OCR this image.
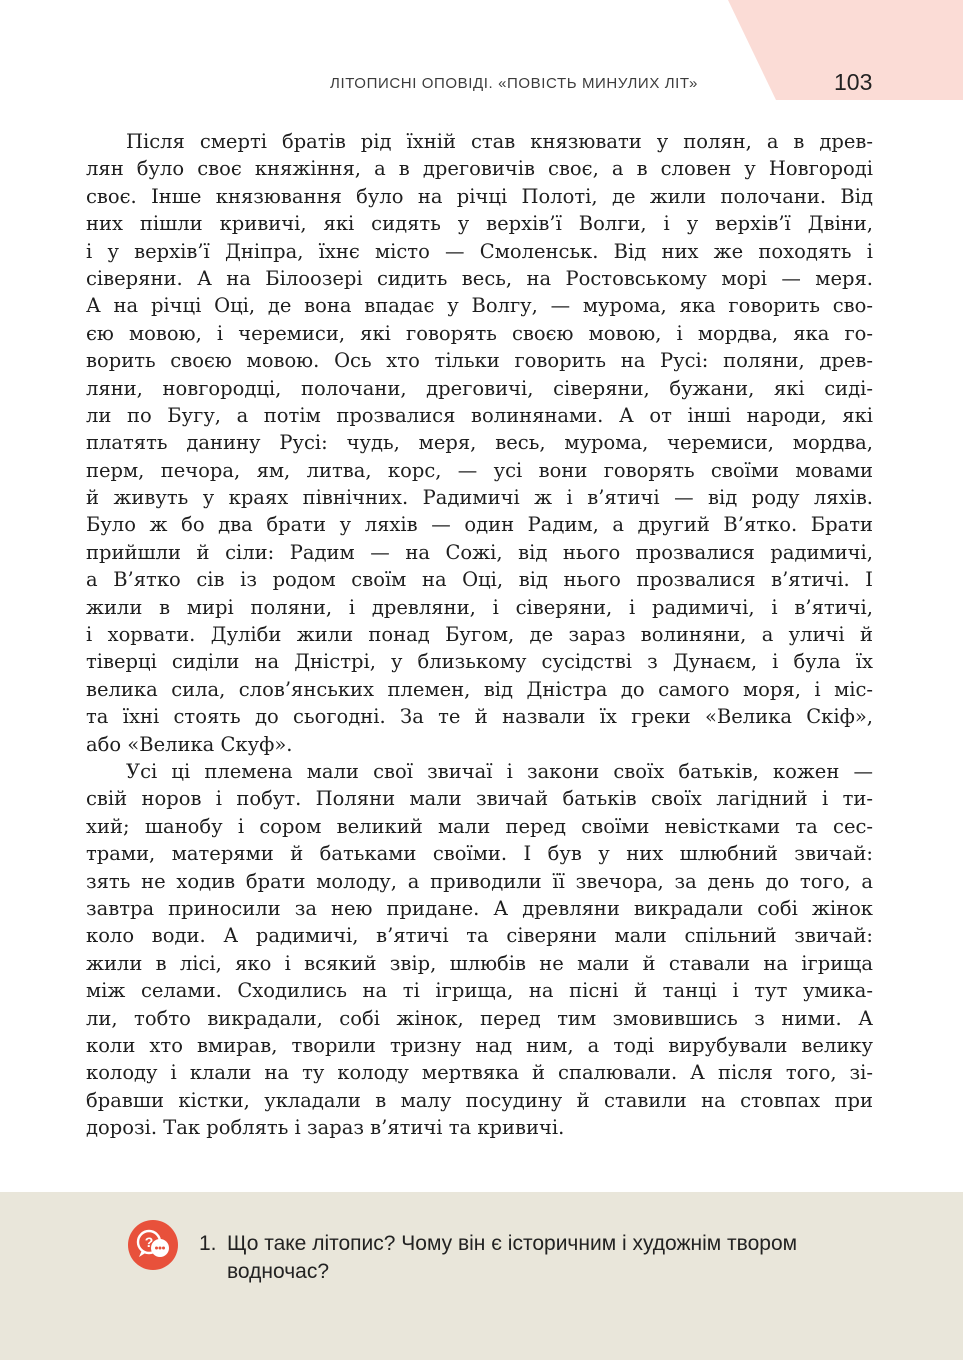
ЛІТОПИСНІ ОПОВІДІ. «ПОВІСТЬ МИНУЛИХ ЛІТ»	103
Після смерті братів рід їхній став князювати у полян, а в древ-
лян було своє княжіння, а в дреговичів своє, а в словен у Новгороді
своє. Інше князювання було на річці Полоті, де жили полочани. Від
них пішли кривичі, які сидять у верхів’ї Волги, і у верхів’ї Двіни,
і у верхів’ї Дніпра, їхнє місто — Смоленськ. Від них же походять і
сіверяни. А на Білоозері сидить весь, на Ростовському морі — меря.
А на річці Оці, де вона впадає у Волгу, — мурома, яка говорить сво-
єю мовою, і черемиси, які говорять своєю мовою, і мордва, яка го-
ворить своєю мовою. Ось хто тільки говорить на Русі: поляни, древ-
ляни, новгородці, полочани, дреговичі, сіверяни, бужани, які сиді-
ли по Бугу, а потім прозвалися волинянами. А от інші народи, які
платять данину Русі: чудь, меря, весь, мурома, черемиси, мордва,
перм, печора, ям, литва, корс, — усі вони говорять своїми мовами
й живуть у краях північних. Радимичі ж і в’ятичі — від роду ляхів.
Було ж бо два брати у ляхів — один Радим, а другий В’ятко. Брати
прийшли й сіли: Радим — на Сожі, від нього прозвалися радимичі,
а В’ятко сів із родом своїм на Оці, від нього прозвалися в’ятичі. І
жили в мирі поляни, і древляни, і сіверяни, і радимичі, і в’ятичі,
і хорвати. Дуліби жили понад Бугом, де зараз волиняни, а уличі й
тіверці сиділи на Дністрі, у близькому сусідстві з Дунаєм, і була їх
велика сила, слов’янських племен, від Дністра до самого моря, і міс-
та їхні стоять до сьогодні. За те й назвали їх греки «Велика Скіф»,
або «Велика Скуф».
Усі ці племена мали свої звичаї і закони своїх батьків, кожен —
свій норов і побут. Поляни мали звичай батьків своїх лагідний і ти-
хий; шанобу і сором великий мали перед своїми невістками та сес-
трами, матерями й батьками своїми. І був у них шлюбний звичай:
зять не ходив брати молоду, а приводили її звечора, за день до того, а
завтра приносили за нею придане. А древляни викрадали собі жінок
коло води. А радимичі, в’ятичі та сіверяни мали спільний звичай:
жили в лісі, яко і всякий звір, шлюбів не мали й ставали на ігрища
між селами. Сходились на ті ігрища, на пісні й танці і тут умика-
ли, тобто викрадали, собі жінок, перед тим змовившись з ними. А
коли хто вмирав, творили тризну над ним, а тоді вирубували велику
колоду і клали на ту колоду мертвяка й спалювали. А після того, зі-
бравши кістки, укладали в малу посудину й ставили на стовпах при
дорозі. Так роблять і зараз в’ятичі та кривичі.
? 1. Що таке літопис? Чому він є історичним і художнім твором
водночас?
